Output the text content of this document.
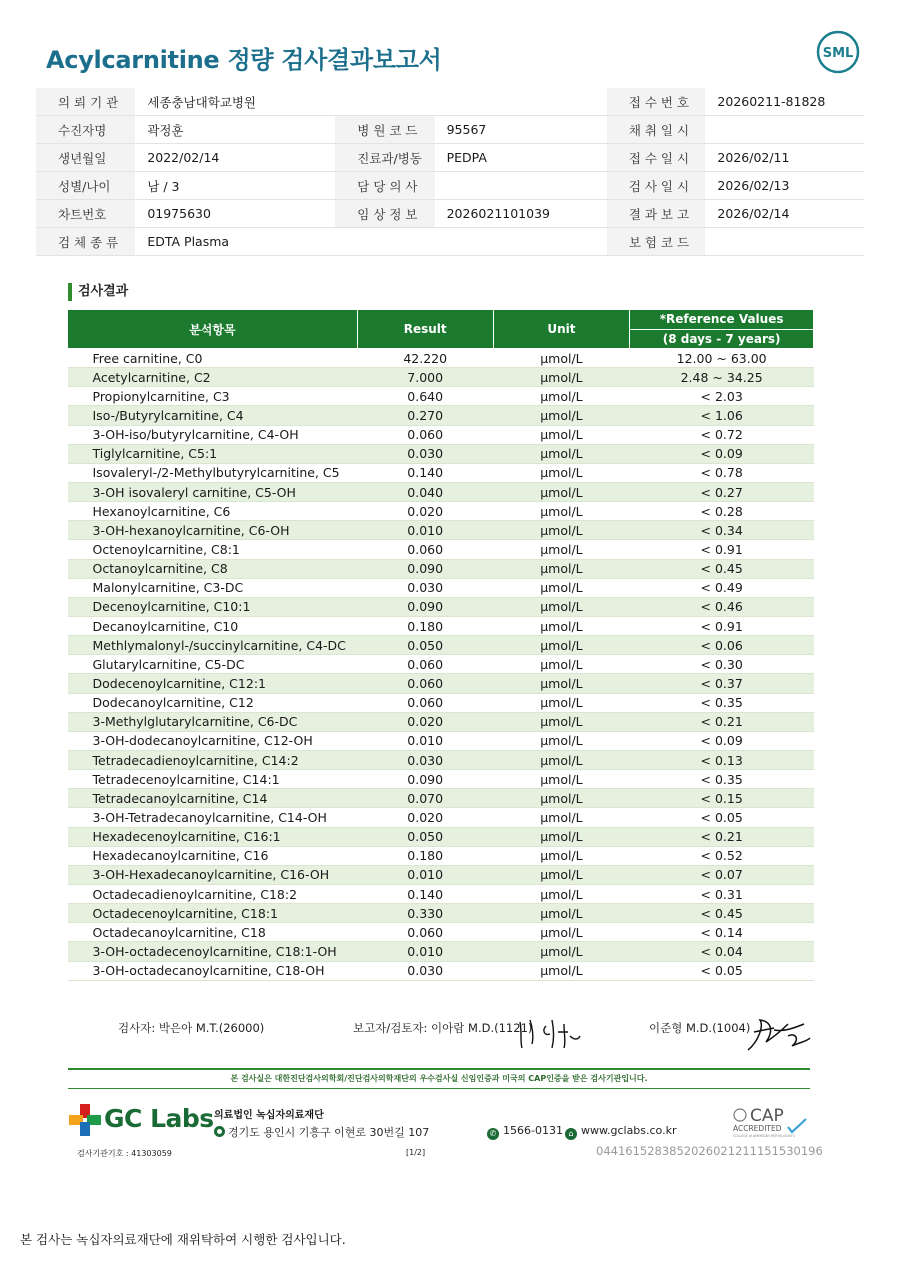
Acylcarnitine 정량 검사결과보고서	SML
의 뢰 기 관	세종충남대학교병원			접 수 번 호	20260211-81828
수진자명	곽정훈	병 원 코 드	95567	채 취 일 시	
생년월일	2022/02/14	진료과/병동	PEDPA	접 수 일 시	2026/02/11
성별/나이	남 / 3	담 당 의 사		검 사 일 시	2026/02/13
차트번호	01975630	임 상 정 보	2026021101039	결 과 보 고	2026/02/14
검 체 종 류	EDTA Plasma			보 험 코 드	
검사결과
분석항목	Result	Unit	*Reference Values
			(8 days - 7 years)
Free carnitine, C0	42.220	μmol/L	12.00 ~ 63.00
Acetylcarnitine, C2	7.000	μmol/L	2.48 ~ 34.25
Propionylcarnitine, C3	0.640	μmol/L	< 2.03
Iso-/Butyrylcarnitine, C4	0.270	μmol/L	< 1.06
3-OH-iso/butyrylcarnitine, C4-OH	0.060	μmol/L	< 0.72
Tiglylcarnitine, C5:1	0.030	μmol/L	< 0.09
Isovaleryl-/2-Methylbutyrylcarnitine, C5	0.140	μmol/L	< 0.78
3-OH isovaleryl carnitine, C5-OH	0.040	μmol/L	< 0.27
Hexanoylcarnitine, C6	0.020	μmol/L	< 0.28
3-OH-hexanoylcarnitine, C6-OH	0.010	μmol/L	< 0.34
Octenoylcarnitine, C8:1	0.060	μmol/L	< 0.91
Octanoylcarnitine, C8	0.090	μmol/L	< 0.45
Malonylcarnitine, C3-DC	0.030	μmol/L	< 0.49
Decenoylcarnitine, C10:1	0.090	μmol/L	< 0.46
Decanoylcarnitine, C10	0.180	μmol/L	< 0.91
Methlymalonyl-/succinylcarnitine, C4-DC	0.050	μmol/L	< 0.06
Glutarylcarnitine, C5-DC	0.060	μmol/L	< 0.30
Dodecenoylcarnitine, C12:1	0.060	μmol/L	< 0.37
Dodecanoylcarnitine, C12	0.060	μmol/L	< 0.35
3-Methylglutarylcarnitine, C6-DC	0.020	μmol/L	< 0.21
3-OH-dodecanoylcarnitine, C12-OH	0.010	μmol/L	< 0.09
Tetradecadienoylcarnitine, C14:2	0.030	μmol/L	< 0.13
Tetradecenoylcarnitine, C14:1	0.090	μmol/L	< 0.35
Tetradecanoylcarnitine, C14	0.070	μmol/L	< 0.15
3-OH-Tetradecanoylcarnitine, C14-OH	0.020	μmol/L	< 0.05
Hexadecenoylcarnitine, C16:1	0.050	μmol/L	< 0.21
Hexadecanoylcarnitine, C16	0.180	μmol/L	< 0.52
3-OH-Hexadecanoylcarnitine, C16-OH	0.010	μmol/L	< 0.07
Octadecadienoylcarnitine, C18:2	0.140	μmol/L	< 0.31
Octadecenoylcarnitine, C18:1	0.330	μmol/L	< 0.45
Octadecanoylcarnitine, C18	0.060	μmol/L	< 0.14
3-OH-octadecenoylcarnitine, C18:1-OH	0.010	μmol/L	< 0.04
3-OH-octadecanoylcarnitine, C18-OH	0.030	μmol/L	< 0.05
검사자: 박은아 M.T.(26000)	보고자/검토자: 이아람 M.D.(1121)	이준형 M.D.(1004)
본 검사실은 대한진단검사의학회/진단검사의학재단의 우수검사실 신임인증과 미국의 CAP인증을 받은 검사기관입니다.
GC Labs 의료법인 녹십자의료재단
경기도 용인시 기흥구 이현로 30번길 107	✆ 1566-0131 ⌂ www.gclabs.co.kr
CAP
ACCREDITED
COLLEGE of AMERICAN PATHOLOGISTS
검사기관기호 : 41303059	[1/2]	04416152838520260212111515301​96
본 검사는 녹십자의료재단에 재위탁하여 시행한 검사입니다.
